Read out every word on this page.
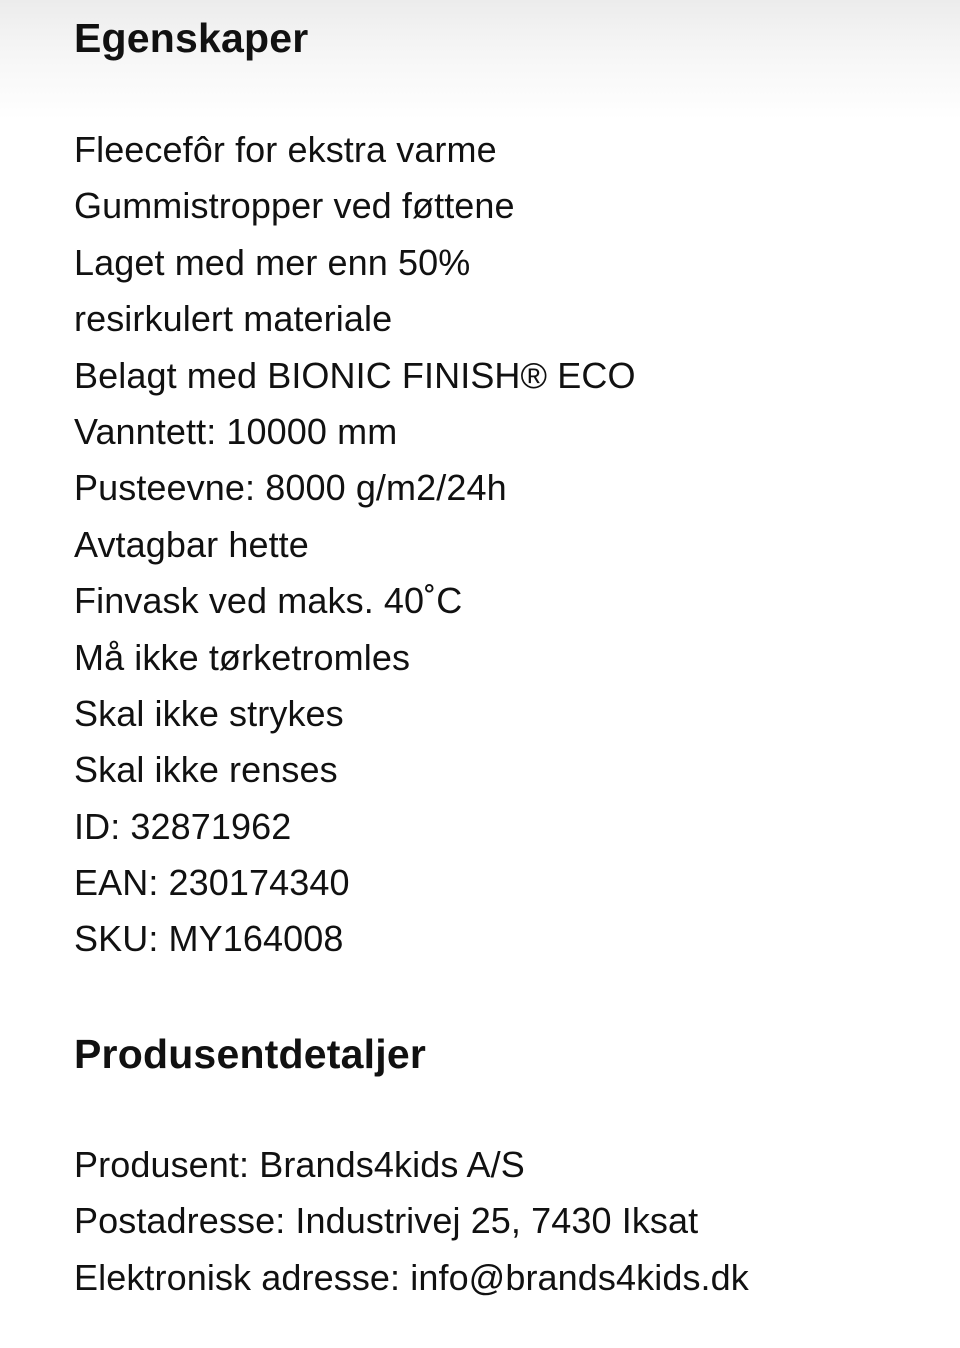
Egenskaper
Fleecefôr for ekstra varme
Gummistropper ved føttene
Laget med mer enn 50%
resirkulert materiale
Belagt med BIONIC FINISH® ECO
Vanntett: 10000 mm
Pusteevne: 8000 g/m2/24h
Avtagbar hette
Finvask ved maks. 40˚C
Må ikke tørketromles
Skal ikke strykes
Skal ikke renses
ID: 32871962
EAN: 230174340
SKU: MY164008
Produsentdetaljer
Produsent: Brands4kids A/S
Postadresse: Industrivej 25, 7430 Iksat
Elektronisk adresse: info@brands4kids.dk
